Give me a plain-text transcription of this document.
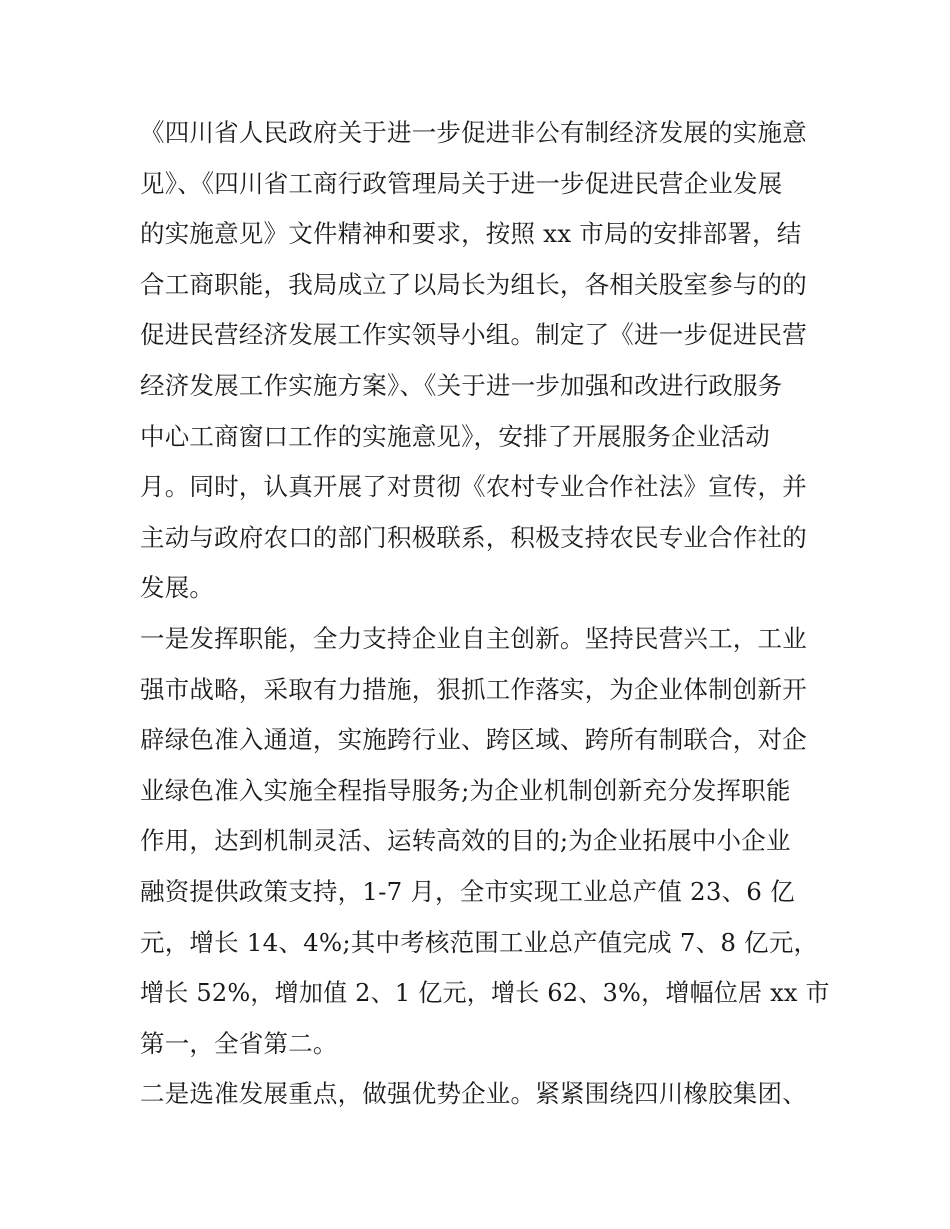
《四川省人民政府关于进一步促进非公有制经济发展的实施意
见》、《四川省工商行政管理局关于进一步促进民营企业发展
的实施意见》文件精神和要求，按照 xx 市局的安排部署，结
合工商职能，我局成立了以局长为组长，各相关股室参与的的
促进民营经济发展工作实领导小组。制定了《进一步促进民营
经济发展工作实施方案》、《关于进一步加强和改进行政服务
中心工商窗口工作的实施意见》，安排了开展服务企业活动
月。同时，认真开展了对贯彻《农村专业合作社法》宣传，并
主动与政府农口的部门积极联系，积极支持农民专业合作社的
发展。
一是发挥职能，全力支持企业自主创新。坚持民营兴工，工业
强市战略，采取有力措施，狠抓工作落实，为企业体制创新开
辟绿色准入通道，实施跨行业、跨区域、跨所有制联合，对企
业绿色准入实施全程指导服务;为企业机制创新充分发挥职能
作用，达到机制灵活、运转高效的目的;为企业拓展中小企业
融资提供政策支持，1-7 月，全市实现工业总产值 23、6 亿
元，增长 14、4%;其中考核范围工业总产值完成 7、8 亿元，
增长 52%，增加值 2、1 亿元，增长 62、3%，增幅位居 xx 市
第一，全省第二。
二是选准发展重点，做强优势企业。紧紧围绕四川橡胶集团、
